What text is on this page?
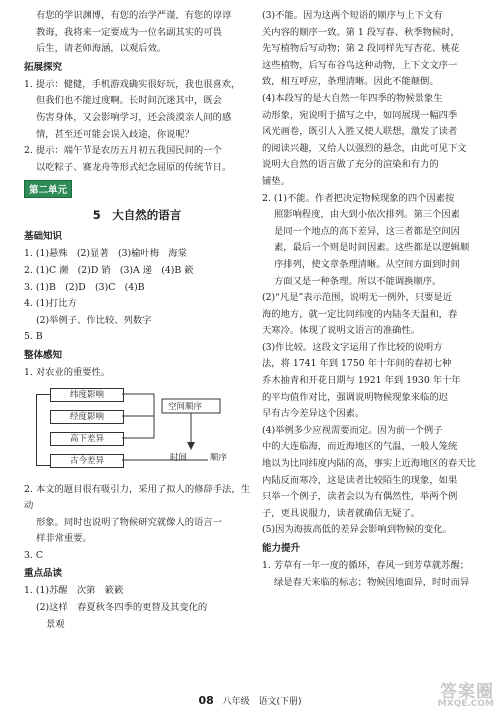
有您的学识渊博，有您的治学严谨，有您的谆谆

教诲，我将来一定要成为一位名副其实的可畏

后生，请老师海涵，以观后效。

拓展探究

1. 提示：健健，手机游戏确实很好玩，我也很喜欢，

但我们也不能过度啊。长时间沉迷其中，既会

伤害身体，又会影响学习，还会淡漠亲人间的感

情，甚至还可能会误入歧途，你说呢？

2. 提示：端午节是农历五月初五我国民间的一个

以吃粽子、赛龙舟等形式纪念屈原的传统节日。

第二单元
5　大自然的语言
基础知识

1. (1)悬殊　(2)显著　(3)榆叶梅　海棠

2. (1)C 濒　(2)D 销　(3)A 递　(4)B 簌

3. (1)B　(2)D　(3)C　(4)B

4. (1)打比方

(2)举例子、作比较、列数字

5. B

整体感知

1. 对农业的重要性。

纬度影响
经度影响
高下差异
古今差异
空间顺序
时间	顺序

2. 本文的题目很有吸引力，采用了拟人的修辞手法，生动

形象。同时也说明了物候研究就像人的语言一

样非常重要。

3. C

重点品读

1. (1)苏醒　次第　簌簌

(2)这样　春夏秋冬四季的更替及其变化的

景观

(3)不能。因为这两个短语的顺序与上下文有

关内容的顺序一致。第 1 段写春、秋季物候时，

先写植物后写动物；第 2 段同样先写杏花、桃花

这些植物，后写布谷鸟这种动物，上下文文序一

致，相互呼应，条理清晰。因此不能颠倒。

(4)本段写的是大自然一年四季的物候景象生

动形象，宛说明于描写之中，如同展现一幅四季

风光画卷，既引人入胜又使人联想，激发了读者

的阅读兴趣，又给人以强烈的悬念，由此可见下文

说明大自然的语言做了充分的渲染和有力的

铺垫。

2. (1)不能。作者把决定物候现象的四个因素按

照影响程度，由大到小依次排列。第三个因素

是同一个地点的高下差异，这三者都是空间因

素，最后一个则是时间因素。这些都是以逻辑顺

序排列，使文章条理清晰。从空间方面到时间

方面又是一种条理。所以不能调换顺序。

(2)“凡是”表示范围，说明无一例外，只要是近

海的地方，就一定比同纬度的内陆冬天温和，春

天寒冷。体现了说明文语言的准确性。

(3)作比较。这段文字运用了作比较的说明方

法，将 1741 年到 1750 年十年间的春初七种

乔木抽青和开花日期与 1921 年到 1930 年十年

的平均值作对比，强调说明物候现象来临的迟

早有古今差异这个因素。

(4)举例多少应视需要而定。因为前一个例子

中的大连临海，而近海地区的气温，一般人笼统

地以为比同纬度内陆的高，事实上近海地区的春天比

内陆反而寒冷，这是读者比较陌生的现象，如果

只举一个例子，读者会以为有偶然性，举两个例

子，更具说服力，读者就确信无疑了。

(5)因为海拔高低的差异会影响到物候的变化。

能力提升

1. 芳草有一年一度的循环，春风一到芳草就苏醒；

绿是春天来临的标志；物候因地面异，时时而异

08 八年级 语文(下册)	答案圈
MXQE.COM
